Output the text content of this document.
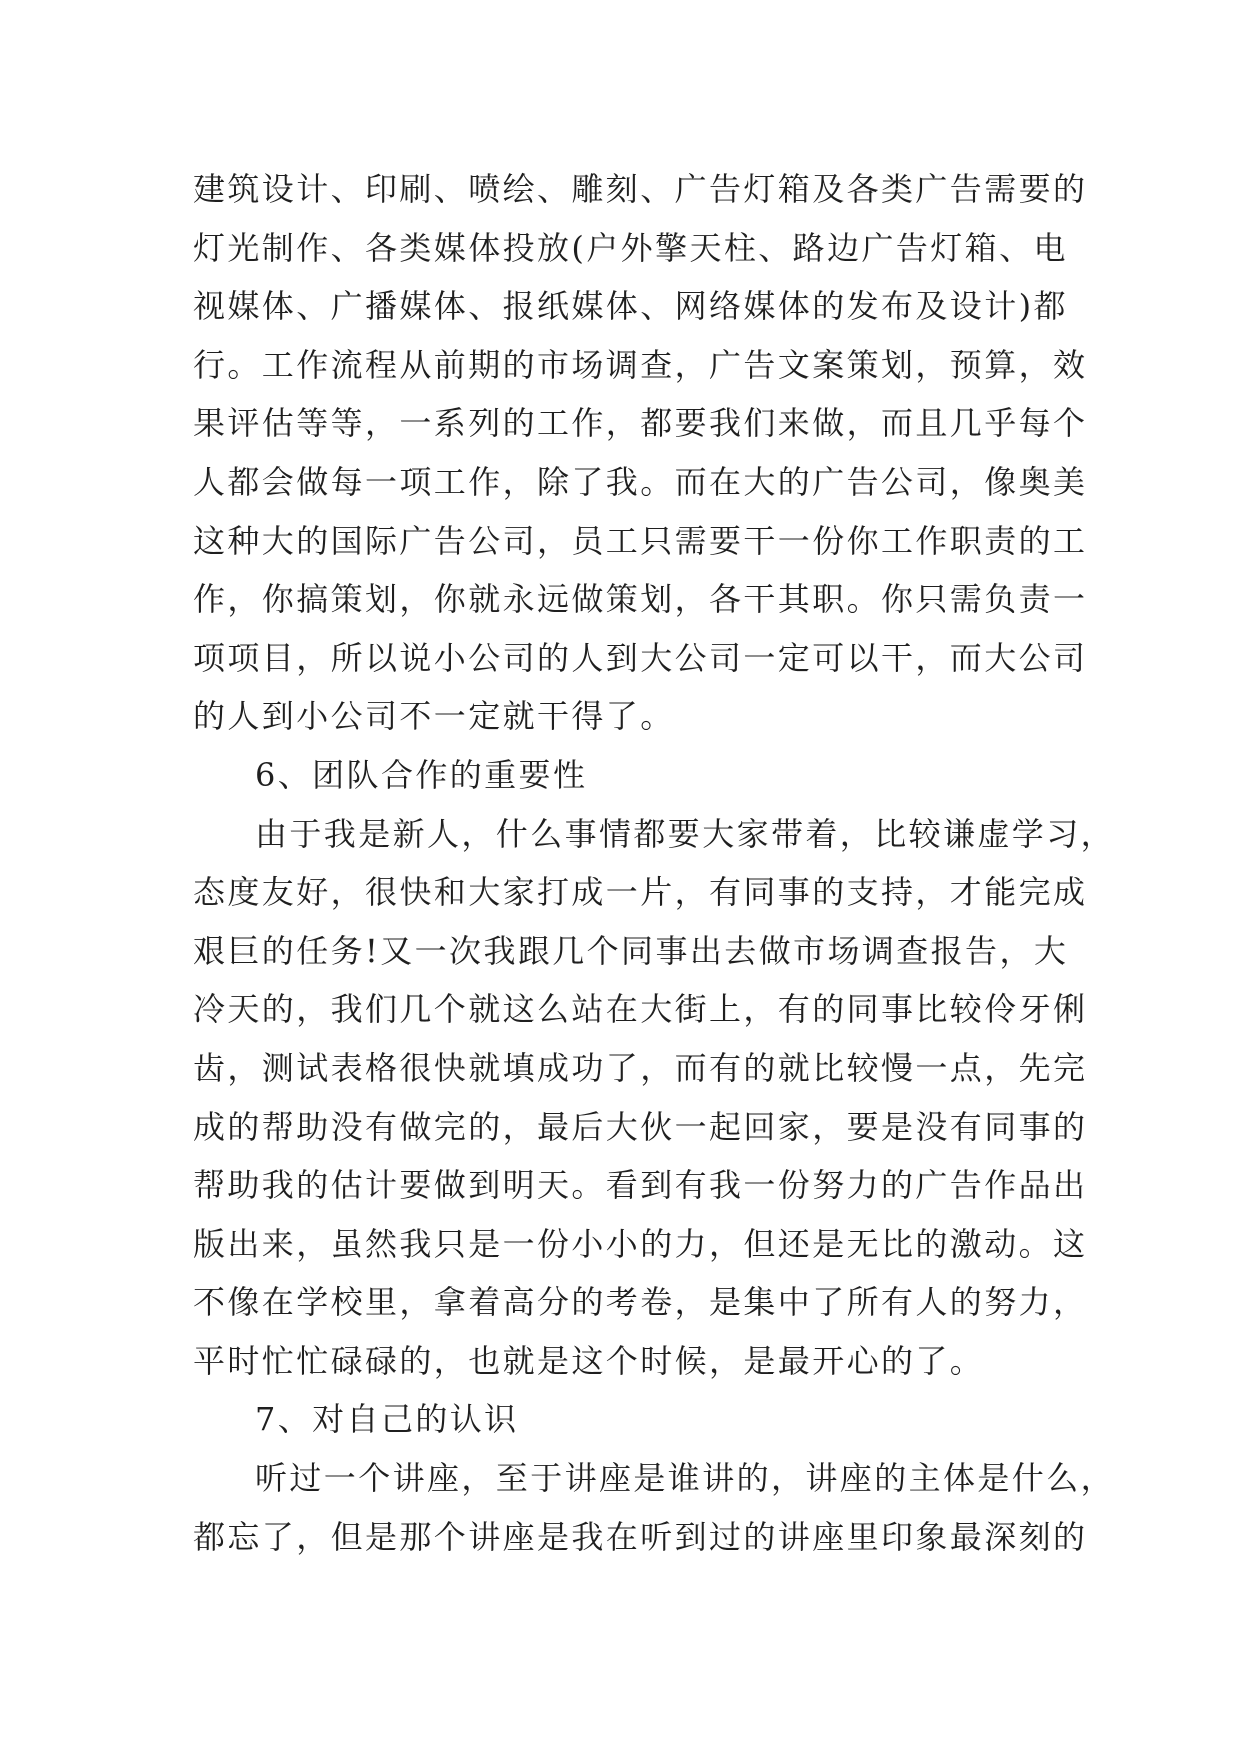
建筑设计、印刷、喷绘、雕刻、广告灯箱及各类广告需要的
灯光制作、各类媒体投放(户外擎天柱、路边广告灯箱、电
视媒体、广播媒体、报纸媒体、网络媒体的发布及设计)都
行。工作流程从前期的市场调查，广告文案策划，预算，效
果评估等等，一系列的工作，都要我们来做，而且几乎每个
人都会做每一项工作，除了我。而在大的广告公司，像奥美
这种大的国际广告公司，员工只需要干一份你工作职责的工
作，你搞策划，你就永远做策划，各干其职。你只需负责一
项项目，所以说小公司的人到大公司一定可以干，而大公司
的人到小公司不一定就干得了。
6、团队合作的重要性
由于我是新人，什么事情都要大家带着，比较谦虚学习，
态度友好，很快和大家打成一片，有同事的支持，才能完成
艰巨的任务!又一次我跟几个同事出去做市场调查报告，大
冷天的，我们几个就这么站在大街上，有的同事比较伶牙俐
齿，测试表格很快就填成功了，而有的就比较慢一点，先完
成的帮助没有做完的，最后大伙一起回家，要是没有同事的
帮助我的估计要做到明天。看到有我一份努力的广告作品出
版出来，虽然我只是一份小小的力，但还是无比的激动。这
不像在学校里，拿着高分的考卷，是集中了所有人的努力，
平时忙忙碌碌的，也就是这个时候，是最开心的了。
7、对自己的认识
听过一个讲座，至于讲座是谁讲的，讲座的主体是什么，
都忘了，但是那个讲座是我在听到过的讲座里印象最深刻的
